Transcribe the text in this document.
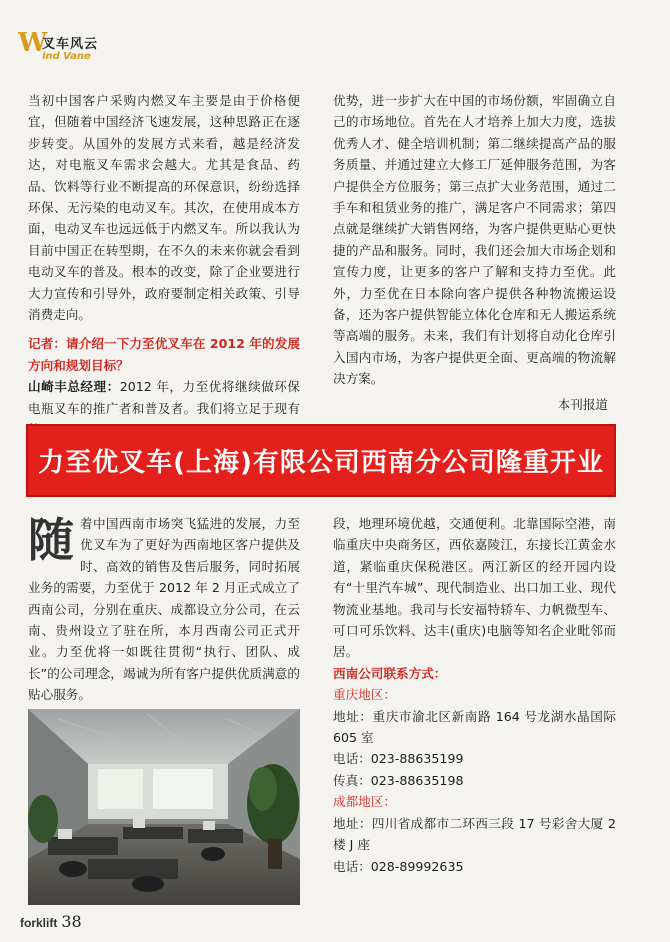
W
叉车风云
ind Vane

当初中国客户采购内燃叉车主要是由于价格便宜，但随着中国经济飞速发展，这种思路正在逐步转变。从国外的发展方式来看，越是经济发达，对电瓶叉车需求会越大。尤其是食品、药品、饮料等行业不断提高的环保意识，纷纷选择环保、无污染的电动叉车。其次，在使用成本方面，电动叉车也远远低于内燃叉车。所以我认为目前中国正在转型期，在不久的未来你就会看到电动叉车的普及。根本的改变，除了企业要进行大力宣传和引导外，政府要制定相关政策、引导消费走向。

记者：请介绍一下力至优叉车在 2012 年的发展方向和规划目标？

山崎丰总经理：2012 年，力至优将继续做环保电瓶叉车的推广者和普及者。我们将立足于现有

优势，进一步扩大在中国的市场份额，牢固确立自己的市场地位。首先在人才培养上加大力度，选拔优秀人才、健全培训机制；第二继续提高产品的服务质量、并通过建立大修工厂延伸服务范围，为客户提供全方位服务；第三点扩大业务范围，通过二手车和租赁业务的推广，满足客户不同需求；第四点就是继续扩大销售网络，为客户提供更贴心更快捷的产品和服务。同时，我们还会加大市场企划和宣传力度，让更多的客户了解和支持力至优。此外，力至优在日本除向客户提供各种物流搬运设备，还为客户提供智能立体化仓库和无人搬运系统等高端的服务。未来，我们有计划将自动化仓库引入国内市场，为客户提供更全面、更高端的物流解决方案。

本刊报道

力至优叉车(上海)有限公司西南分公司隆重开业

随着中国西南市场突飞猛进的发展，力至优叉车为了更好为西南地区客户提供及时、高效的销售及售后服务，同时拓展业务的需要，力至优于 2012 年 2 月正式成立了西南公司，分别在重庆、成都设立分公司，在云南、贵州设立了驻在所，本月西南公司正式开业。力至优将一如既往贯彻“执行、团队、成长”的公司理念，竭诚为所有客户提供优质满意的贴心服务。

段，地理环境优越，交通便利。北靠国际空港，南临重庆中央商务区，西依嘉陵江，东接长江黄金水道，紧临重庆保税港区。两江新区的经开园内设有“十里汽车城”、现代制造业、出口加工业、现代物流业基地。我司与长安福特轿车、力帆微型车、可口可乐饮料、达丰(重庆)电脑等知名企业毗邻而居。

西南公司联系方式：

重庆地区：

地址：重庆市渝北区新南路 164 号龙湖水晶国际 605 室

电话：023-88635199

传真：023-88635198

成都地区：

地址：四川省成都市二环西三段 17 号彩舍大厦 2 楼 J 座

电话：028-89992635

forklift 38
